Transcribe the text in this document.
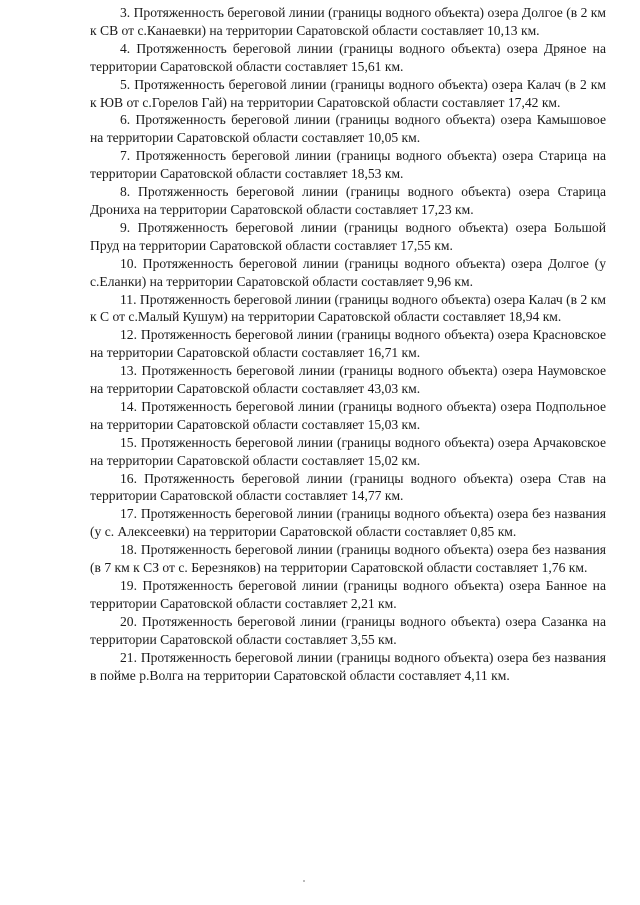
3. Протяженность береговой линии (границы водного объекта) озера Долгое (в 2 км к СВ от с.Канаевки) на территории Саратовской области составляет 10,13 км.

4. Протяженность береговой линии (границы водного объекта) озера Дряное на территории Саратовской области составляет 15,61 км.

5. Протяженность береговой линии (границы водного объекта) озера Калач (в 2 км к ЮВ от с.Горелов Гай) на территории Саратовской области составляет 17,42 км.

6. Протяженность береговой линии (границы водного объекта) озера Камышовое на территории Саратовской области составляет 10,05 км.

7. Протяженность береговой линии (границы водного объекта) озера Старица на территории Саратовской области составляет 18,53 км.

8. Протяженность береговой линии (границы водного объекта) озера Старица Дрониха на территории Саратовской области составляет 17,23 км.

9. Протяженность береговой линии (границы водного объекта) озера Большой Пруд на территории Саратовской области составляет 17,55 км.

10. Протяженность береговой линии (границы водного объекта) озера Долгое (у с.Еланки) на территории Саратовской области составляет 9,96 км.

11. Протяженность береговой линии (границы водного объекта) озера Калач (в 2 км к С от с.Малый Кушум) на территории Саратовской области составляет 18,94 км.

12. Протяженность береговой линии (границы водного объекта) озера Красновское на территории Саратовской области составляет 16,71 км.

13. Протяженность береговой линии (границы водного объекта) озера Наумовское на территории Саратовской области составляет 43,03 км.

14. Протяженность береговой линии (границы водного объекта) озера Подпольное на территории Саратовской области составляет 15,03 км.

15. Протяженность береговой линии (границы водного объекта) озера Арчаковское на территории Саратовской области составляет 15,02 км.

16. Протяженность береговой линии (границы водного объекта) озера Став на территории Саратовской области составляет 14,77 км.

17. Протяженность береговой линии (границы водного объекта) озера без названия (у с. Алексеевки) на территории Саратовской области составляет 0,85 км.

18. Протяженность береговой линии (границы водного объекта) озера без названия (в 7 км к СЗ от с. Березняков) на территории Саратовской области составляет 1,76 км.

19. Протяженность береговой линии (границы водного объекта) озера Банное на территории Саратовской области составляет 2,21 км.

20. Протяженность береговой линии (границы водного объекта) озера Сазанка на территории Саратовской области составляет 3,55 км.

21. Протяженность береговой линии (границы водного объекта) озера без названия в пойме р.Волга на территории Саратовской области составляет 4,11 км.
